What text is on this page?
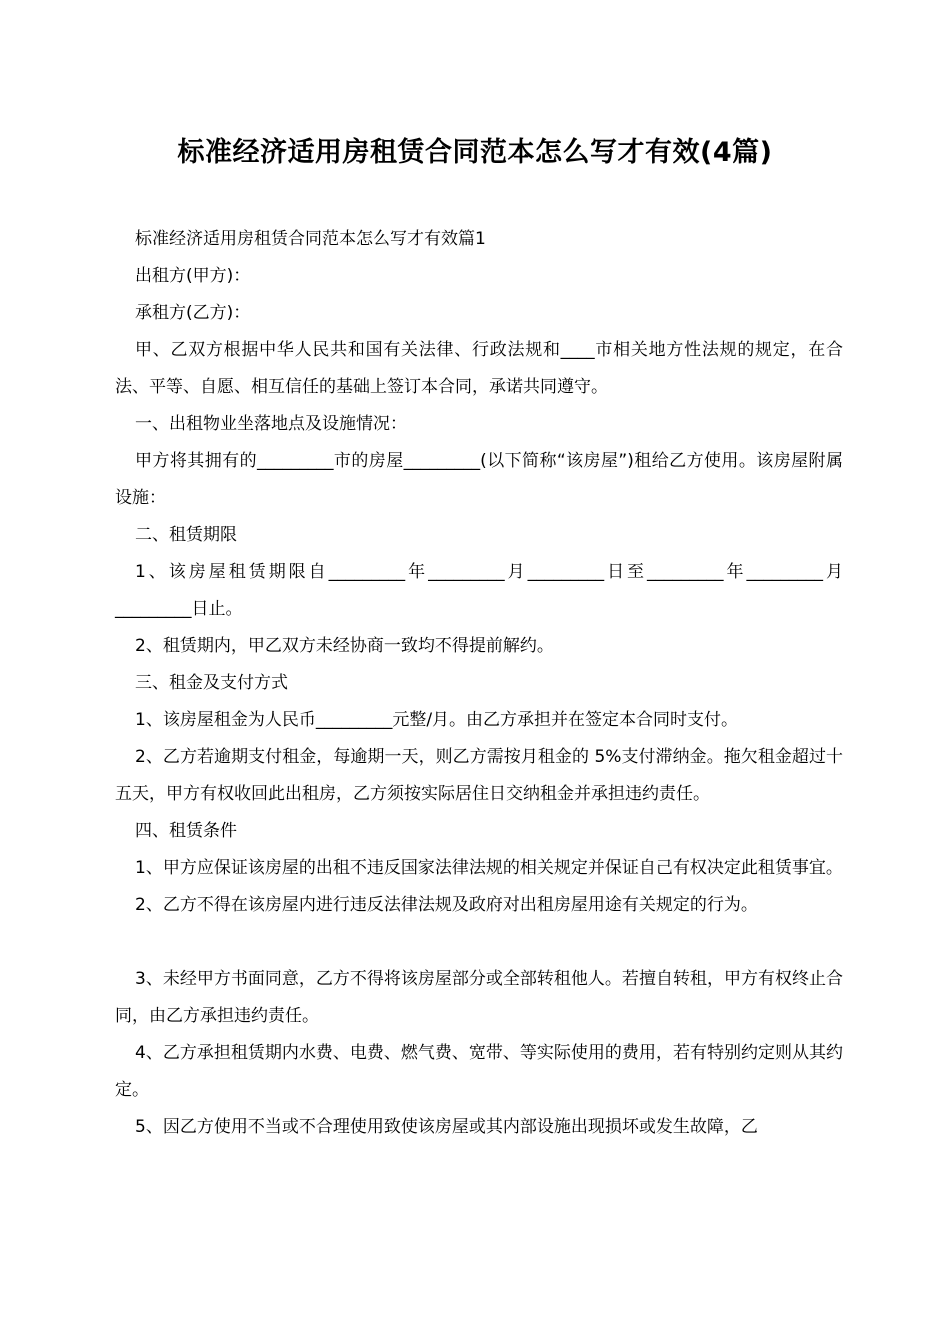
标准经济适用房租赁合同范本怎么写才有效(4篇)

标准经济适用房租赁合同范本怎么写才有效篇1

出租方(甲方)：

承租方(乙方)：

甲、乙双方根据中华人民共和国有关法律、行政法规和____市相关地方性法规的规定，在合法、平等、自愿、相互信任的基础上签订本合同，承诺共同遵守。

一、出租物业坐落地点及设施情况：

甲方将其拥有的_________市的房屋_________(以下简称“该房屋”)租给乙方使用。该房屋附属设施：

二、租赁期限

1、该房屋租赁期限自_________年_________月_________日至_________年_________月_________日止。

2、租赁期内，甲乙双方未经协商一致均不得提前解约。

三、租金及支付方式

1、该房屋租金为人民币_________元整/月。由乙方承担并在签定本合同时支付。

2、乙方若逾期支付租金，每逾期一天，则乙方需按月租金的 5%支付滞纳金。拖欠租金超过十五天，甲方有权收回此出租房，乙方须按实际居住日交纳租金并承担违约责任。

四、租赁条件

1、甲方应保证该房屋的出租不违反国家法律法规的相关规定并保证自己有权决定此租赁事宜。

2、乙方不得在该房屋内进行违反法律法规及政府对出租房屋用途有关规定的行为。

3、未经甲方书面同意，乙方不得将该房屋部分或全部转租他人。若擅自转租，甲方有权终止合同，由乙方承担违约责任。

4、乙方承担租赁期内水费、电费、燃气费、宽带、等实际使用的费用，若有特别约定则从其约定。

5、因乙方使用不当或不合理使用致使该房屋或其内部设施出现损坏或发生故障，乙
